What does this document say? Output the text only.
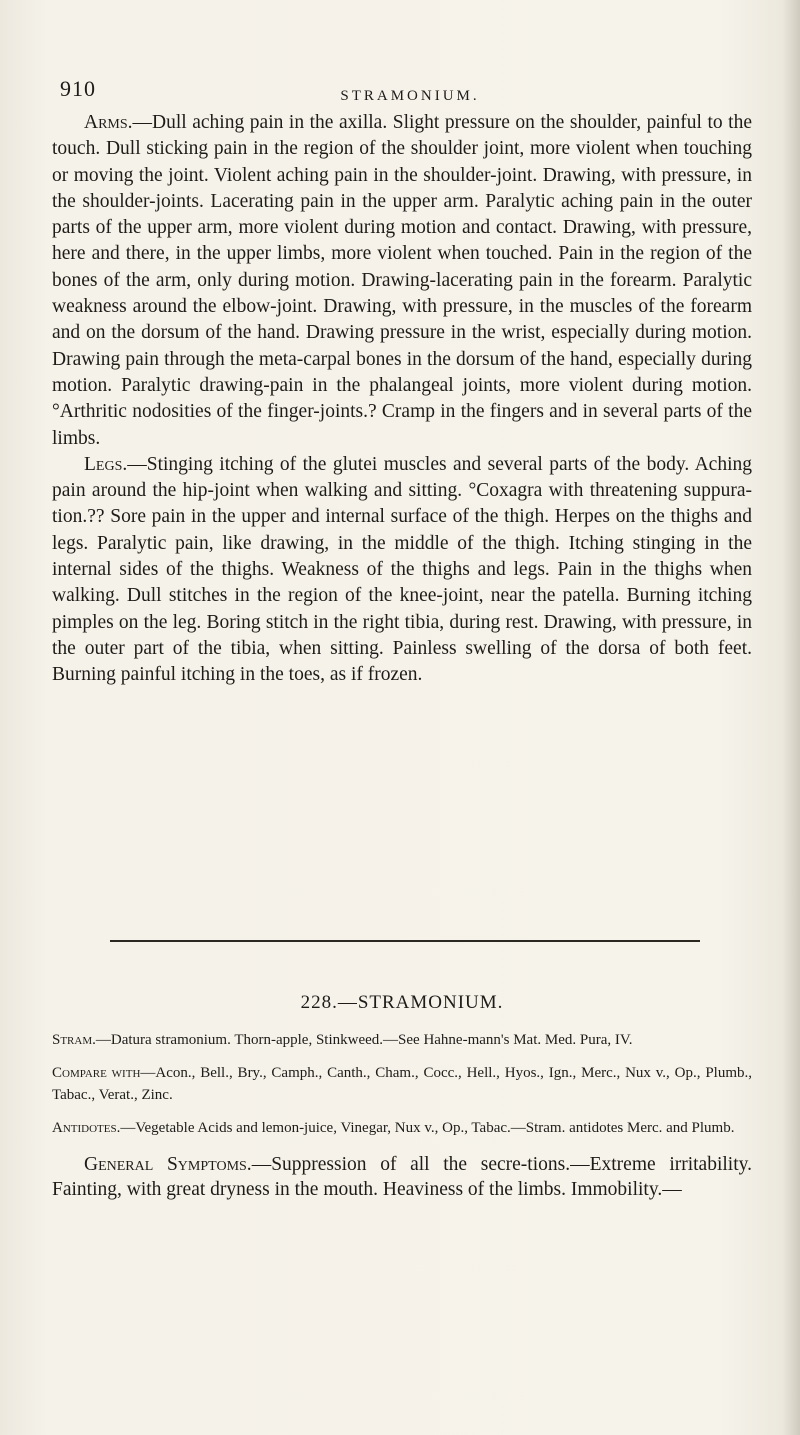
910	STRAMONIUM.

Arms.—Dull aching pain in the axilla. Slight pressure on the shoulder, painful to the touch. Dull sticking pain in the region of the shoulder joint, more violent when touching or moving the joint. Violent aching pain in the shoulder-joint. Drawing, with pressure, in the shoulder-joints. Lacerating pain in the upper arm. Paralytic aching pain in the outer parts of the upper arm, more violent during motion and contact. Drawing, with pressure, here and there, in the upper limbs, more violent when touched. Pain in the region of the bones of the arm, only during motion. Drawing-lacerating pain in the forearm. Paralytic weakness around the elbow-joint. Drawing, with pressure, in the muscles of the forearm and on the dorsum of the hand. Drawing pressure in the wrist, especially during motion. Drawing pain through the meta-carpal bones in the dorsum of the hand, especially during motion. Paralytic drawing-pain in the phalangeal joints, more violent during motion. °Arthritic nodosities of the finger-joints.? Cramp in the fingers and in several parts of the limbs.

Legs.—Stinging itching of the glutei muscles and several parts of the body. Aching pain around the hip-joint when walking and sitting. °Coxagra with threatening suppura-tion.?? Sore pain in the upper and internal surface of the thigh. Herpes on the thighs and legs. Paralytic pain, like drawing, in the middle of the thigh. Itching stinging in the internal sides of the thighs. Weakness of the thighs and legs. Pain in the thighs when walking. Dull stitches in the region of the knee-joint, near the patella. Burning itching pimples on the leg. Boring stitch in the right tibia, during rest. Drawing, with pressure, in the outer part of the tibia, when sitting. Painless swelling of the dorsa of both feet. Burning painful itching in the toes, as if frozen.

228.—STRAMONIUM.

Stram.—Datura stramonium. Thorn-apple, Stinkweed.—See Hahne-mann's Mat. Med. Pura, IV.

Compare with—Acon., Bell., Bry., Camph., Canth., Cham., Cocc., Hell., Hyos., Ign., Merc., Nux v., Op., Plumb., Tabac., Verat., Zinc.

Antidotes.—Vegetable Acids and lemon-juice, Vinegar, Nux v., Op., Tabac.—Stram. antidotes Merc. and Plumb.

General Symptoms.—Suppression of all the secre-tions.—Extreme irritability. Fainting, with great dryness in the mouth. Heaviness of the limbs. Immobility.—
